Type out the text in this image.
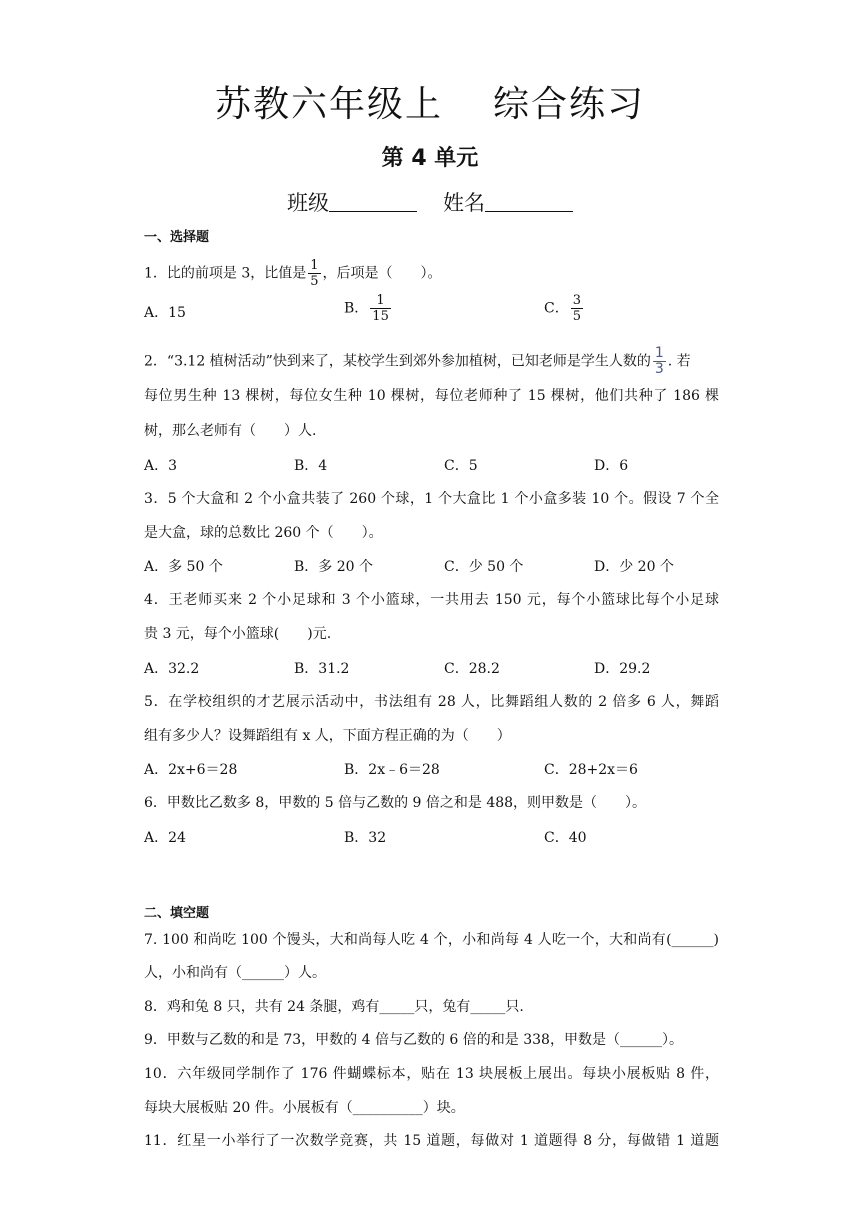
苏教六年级上 综合练习
第 4 单元
班级	姓名
一、选择题
1．比的前项是 3，比值是 $\frac{1}{5}$ ，后项是（　　）。
A．15	B． $\frac{1}{15}$	C． $\frac{3}{5}$
2．“3.12 植树活动”快到来了，某校学生到郊外参加植树，已知老师是学生人数的 $\frac{1}{3}$ . 若
每位男生种 13 棵树，每位女生种 10 棵树，每位老师种了 15 棵树，他们共种了 186 棵
树，那么老师有（　　）人.
A．3	B．4	C．5	D．6
3．5 个大盒和 2 个小盒共装了 260 个球，1 个大盒比 1 个小盒多装 10 个。假设 7 个全
是大盒，球的总数比 260 个（　　）。
A．多 50 个	B．多 20 个	C．少 50 个	D．少 20 个
4．王老师买来 2 个小足球和 3 个小篮球，一共用去 150 元，每个小篮球比每个小足球
贵 3 元，每个小篮球(　　)元.
A．32.2	B．31.2	C．28.2	D．29.2
5．在学校组织的才艺展示活动中，书法组有 28 人，比舞蹈组人数的 2 倍多 6 人，舞蹈
组有多少人？设舞蹈组有 x 人，下面方程正确的为（　　）
A．2x+6＝28	B．2x﹣6＝28	C．28+2x＝6
6．甲数比乙数多 8，甲数的 5 倍与乙数的 9 倍之和是 488，则甲数是（　　）。
A．24	B．32	C．40
二、填空题
7. 100 和尚吃 100 个馒头，大和尚每人吃 4 个，小和尚每 4 人吃一个，大和尚有(______)
人，小和尚有（______）人。
8．鸡和兔 8 只，共有 24 条腿，鸡有_____只，兔有_____只.
9．甲数与乙数的和是 73，甲数的 4 倍与乙数的 6 倍的和是 338，甲数是（______）。
10．六年级同学制作了 176 件蝴蝶标本，贴在 13 块展板上展出。每块小展板贴 8 件，
每块大展板贴 20 件。小展板有（__________）块。
11．红星一小举行了一次数学竞赛，共 15 道题，每做对 1 道题得 8 分，每做错 1 道题
